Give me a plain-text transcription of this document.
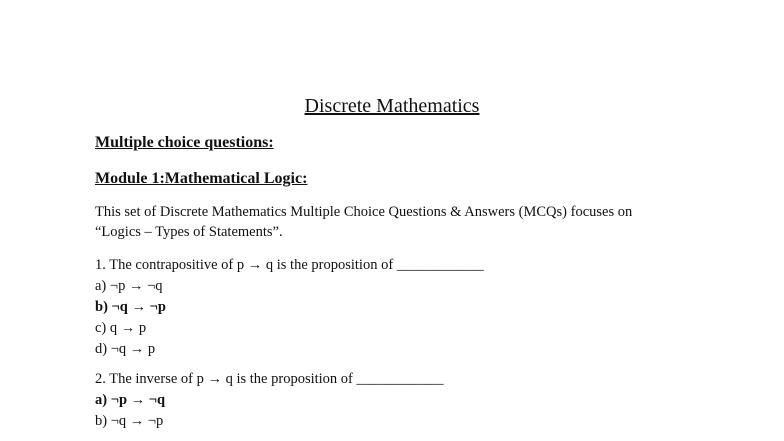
Discrete Mathematics
Multiple choice questions:
Module 1:Mathematical Logic:
This set of Discrete Mathematics Multiple Choice Questions & Answers (MCQs) focuses on
“Logics – Types of Statements”.
1. The contrapositive of p → q is the proposition of ____________
a) ¬p → ¬q
b) ¬q → ¬p
c) q → p
d) ¬q → p
2. The inverse of p → q is the proposition of ____________
a) ¬p → ¬q
b) ¬q → ¬p
